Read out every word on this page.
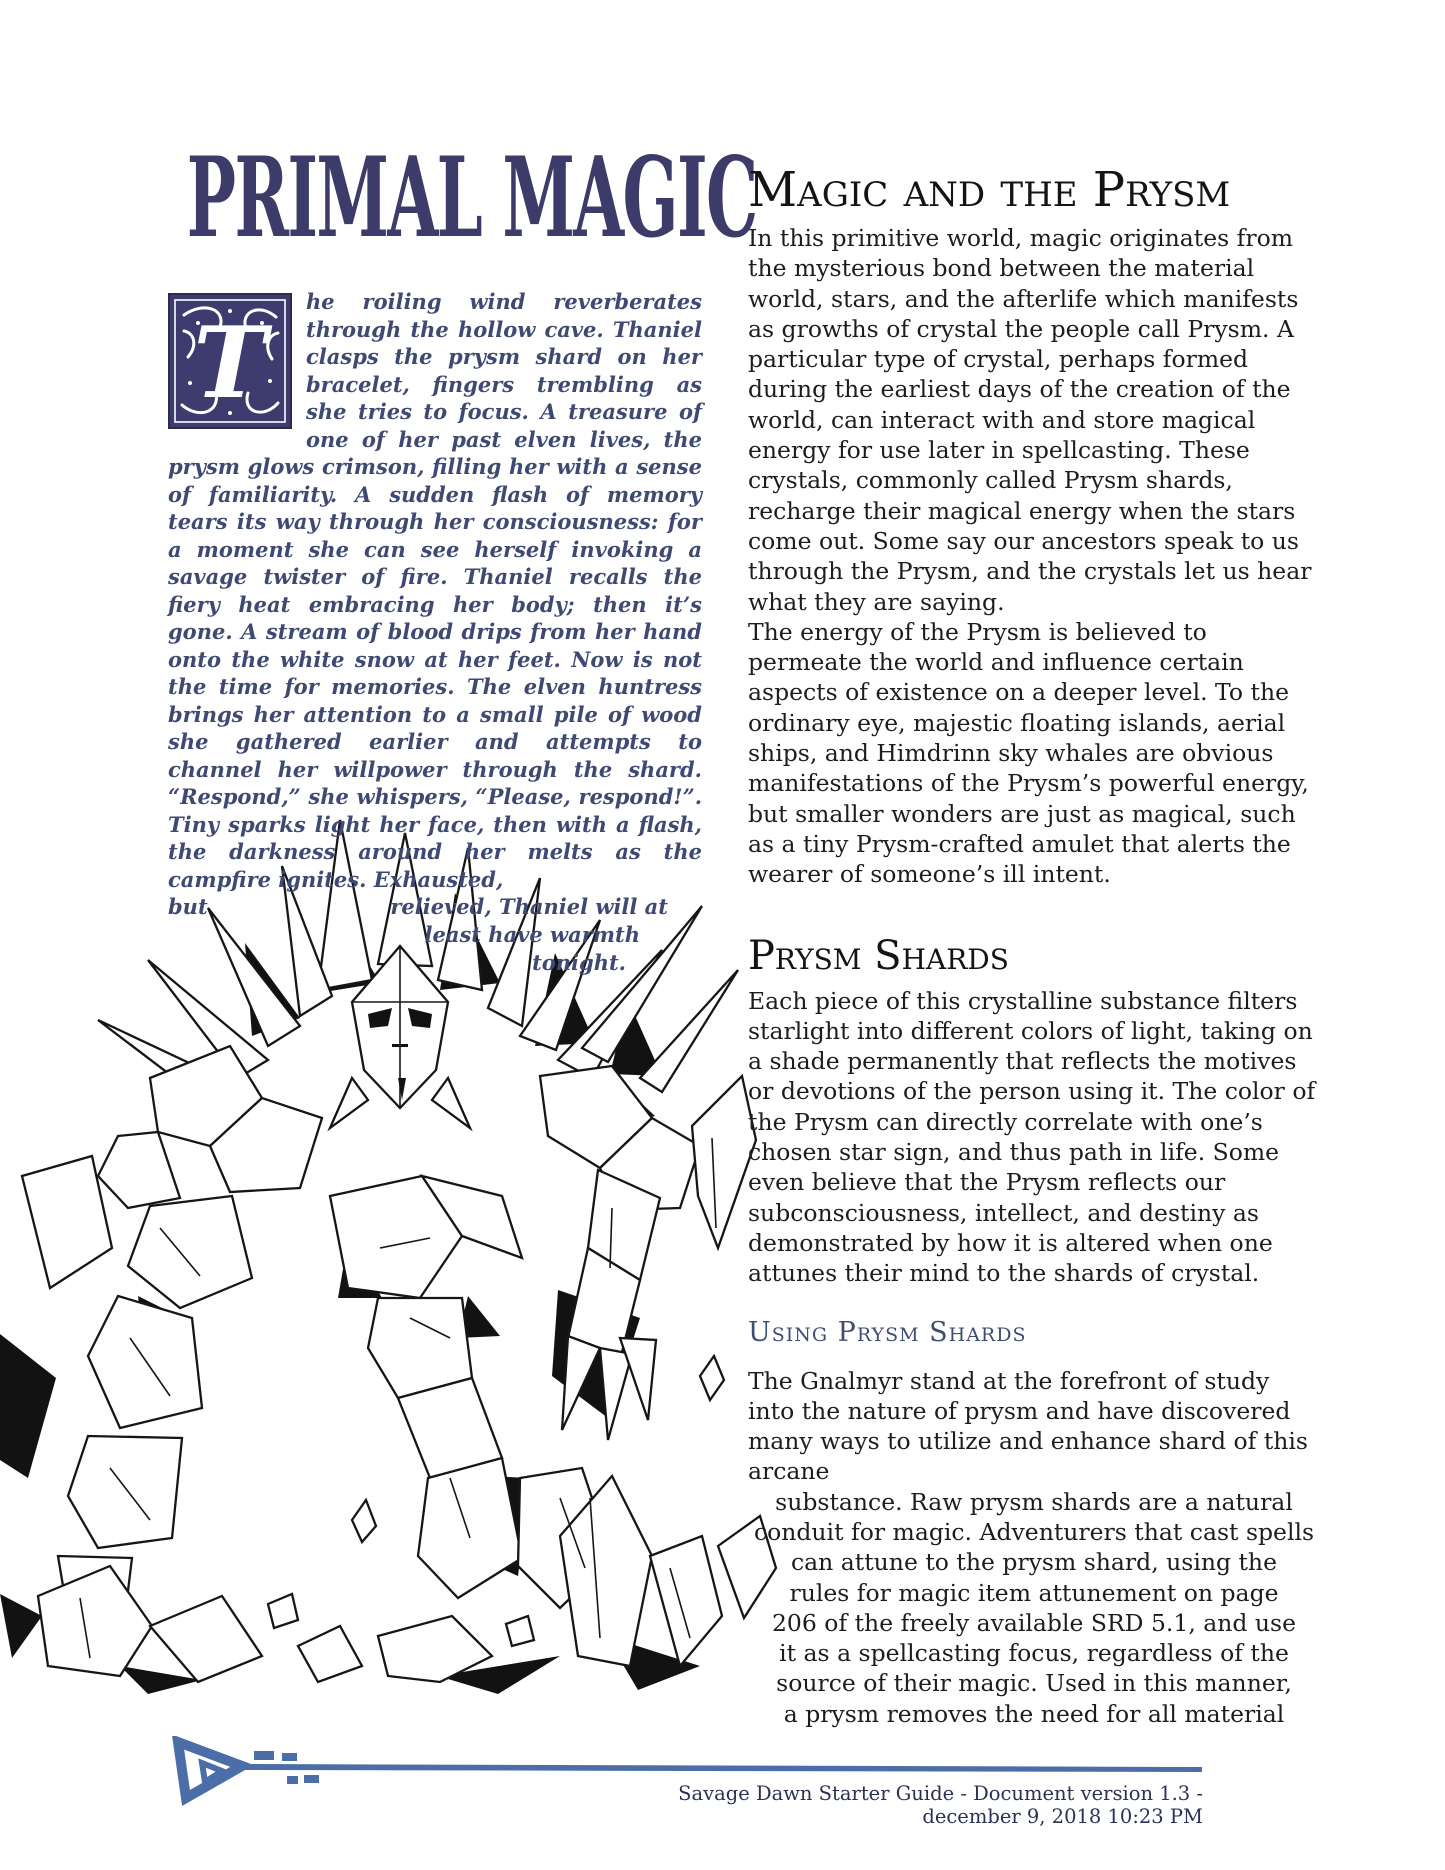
PRIMAL MAGIC
T
he roiling wind reverberates through the hollow cave. Thaniel clasps the prysm shard on her bracelet, fingers trembling as she tries to focus. A treasure of one of her past elven lives, the prysm glows crimson, filling her with a sense of familiarity. A sudden flash of memory tears its way through her consciousness: for a moment she can see herself invoking a savage twister of fire. Thaniel recalls the fiery heat embracing her body; then it’s gone. A stream of blood drips from her hand onto the white snow at her feet. Now is not the time for memories. The elven huntress brings her attention to a small pile of wood she gathered earlier and attempts to channel her willpower through the shard. “Respond,” she whispers, “Please, respond!”. Tiny sparks light her face, then with a flash, the darkness around her melts as the campfire ignites. Exhausted,
but	relieved, Thaniel will at
least have warmth
tonight.
Magic and the Prysm

In this primitive world, magic originates from the mysterious bond between the material world, stars, and the afterlife which manifests as growths of crystal the people call Prysm. A particular type of crystal, perhaps formed during the earliest days of the creation of the world, can interact with and store magical energy for use later in spellcasting. These crystals, commonly called Prysm shards, recharge their magical energy when the stars come out. Some say our ancestors speak to us through the Prysm, and the crystals let us hear what they are saying.

The energy of the Prysm is believed to permeate the world and influence certain aspects of existence on a deeper level. To the ordinary eye, majestic floating islands, aerial ships, and Himdrinn sky whales are obvious manifestations of the Prysm’s powerful energy, but smaller wonders are just as magical, such as a tiny Prysm-crafted amulet that alerts the wearer of someone’s ill intent.

Prysm Shards

Each piece of this crystalline substance filters starlight into different colors of light, taking on a shade permanently that reflects the motives or devotions of the person using it. The color of the Prysm can directly correlate with one’s chosen star sign, and thus path in life. Some even believe that the Prysm reflects our subconsciousness, intellect, and destiny as demonstrated by how it is altered when one attunes their mind to the shards of crystal.

Using Prysm Shards

The Gnalmyr stand at the forefront of study into the nature of prysm and have discovered many ways to utilize and enhance shard of this arcane

substance. Raw prysm shards are a natural
conduit for magic. Adventurers that cast spells
can attune to the prysm shard, using the
rules for magic item attunement on page
206 of the freely available SRD 5.1, and use
it as a spellcasting focus, regardless of the
source of their magic. Used in this manner,
a prysm removes the need for all material
Savage Dawn Starter Guide - Document version 1.3 - december 9, 2018 10:23 PM
